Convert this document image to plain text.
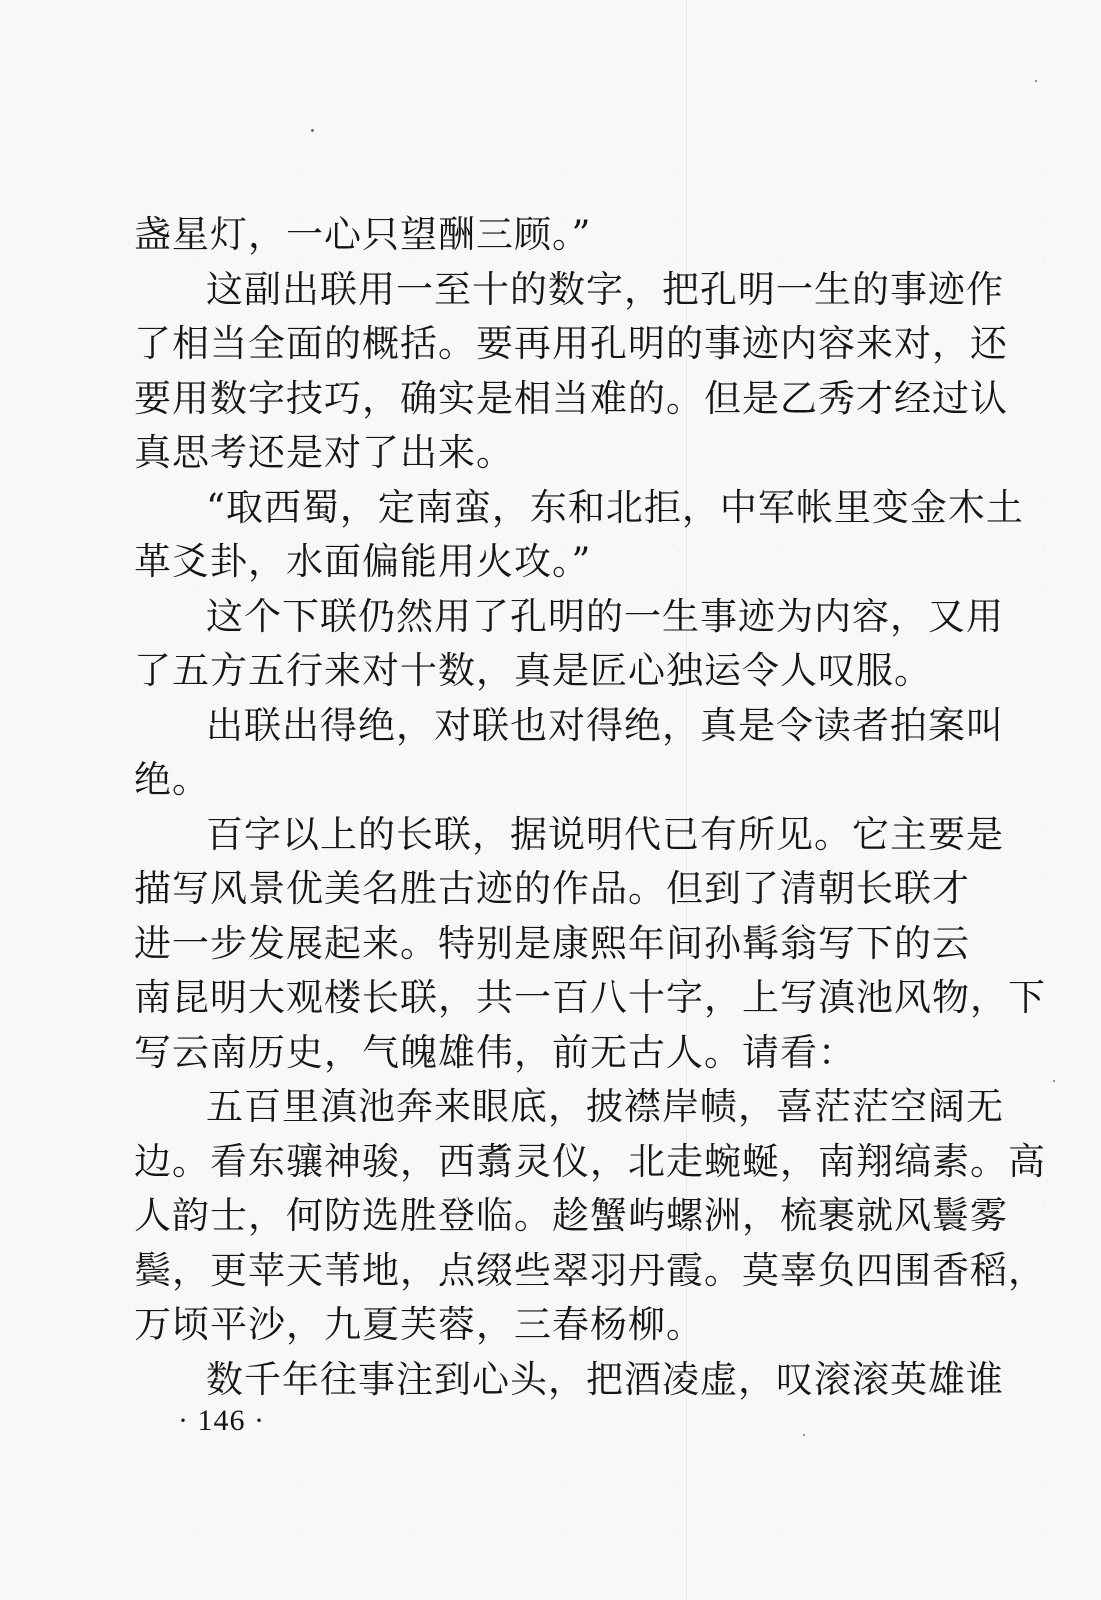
盏星灯，一心只望酬三顾。”
这副出联用一至十的数字，把孔明一生的事迹作
了相当全面的概括。要再用孔明的事迹内容来对，还
要用数字技巧，确实是相当难的。但是乙秀才经过认
真思考还是对了出来。
“取西蜀，定南蛮，东和北拒，中军帐里变金木土
革爻卦，水面偏能用火攻。”
这个下联仍然用了孔明的一生事迹为内容，又用
了五方五行来对十数，真是匠心独运令人叹服。
出联出得绝，对联也对得绝，真是令读者拍案叫
绝。
百字以上的长联，据说明代已有所见。它主要是
描写风景优美名胜古迹的作品。但到了清朝长联才
进一步发展起来。特别是康熙年间孙髯翁写下的云
南昆明大观楼长联，共一百八十字，上写滇池风物，下
写云南历史，气魄雄伟，前无古人。请看：
五百里滇池奔来眼底，披襟岸帻，喜茫茫空阔无
边。看东骧神骏，西翥灵仪，北走蜿蜒，南翔缟素。高
人韵士，何防选胜登临。趁蟹屿螺洲，梳裹就风鬟雾
鬓，更苹天苇地，点缀些翠羽丹霞。莫辜负四围香稻，
万顷平沙，九夏芙蓉，三春杨柳。
数千年往事注到心头，把酒凌虚，叹滚滚英雄谁
· 146 ·
